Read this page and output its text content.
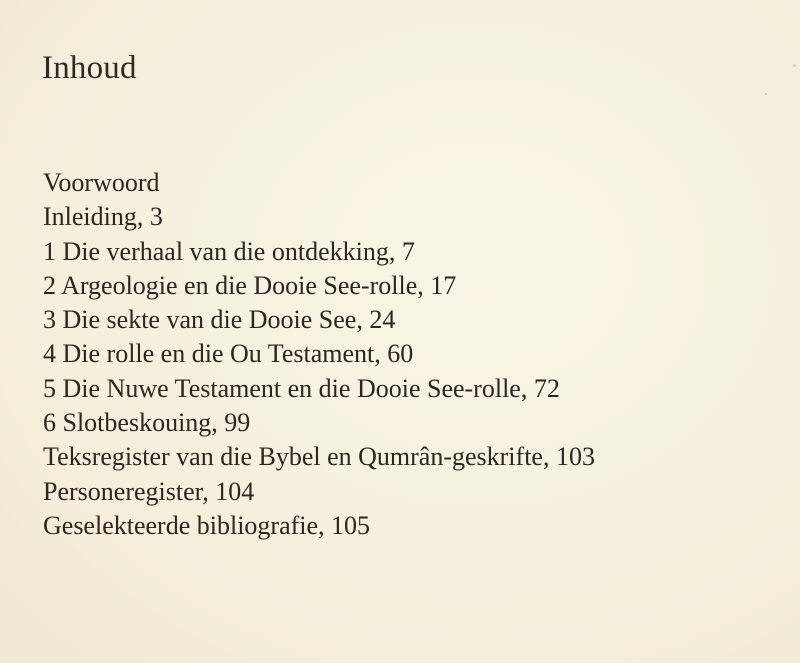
Inhoud
Voorwoord
Inleiding, 3
1 Die verhaal van die ontdekking, 7
2 Argeologie en die Dooie See-rolle, 17
3 Die sekte van die Dooie See, 24
4 Die rolle en die Ou Testament, 60
5 Die Nuwe Testament en die Dooie See-rolle, 72
6 Slotbeskouing, 99
Teksregister van die Bybel en Qumrân-geskrifte, 103
Personeregister, 104
Geselekteerde bibliografie, 105
